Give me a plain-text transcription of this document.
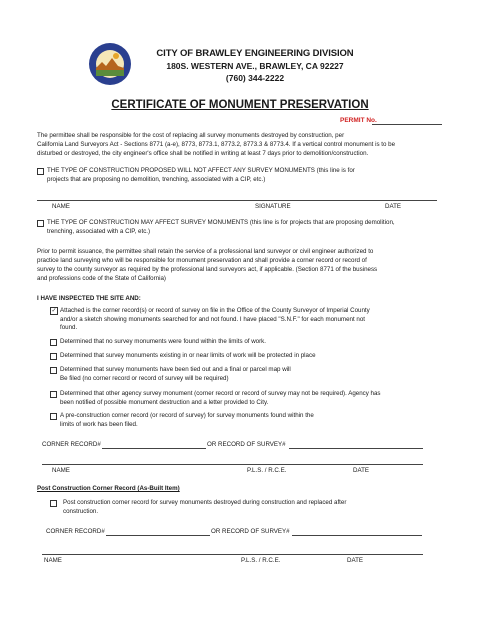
CITY OF BRAWLEY ENGINEERING DIVISION
180S. WESTERN AVE., BRAWLEY, CA 92227
(760) 344-2222
CERTIFICATE OF MONUMENT PRESERVATION
PERMIT No.
The permittee shall be responsible for the cost of replacing all survey monuments destroyed by construction, per
California Land Surveyors Act - Sections 8771 (a-e), 8773, 8773.1, 8773.2, 8773.3 & 8773.4. If a vertical control monument is to be
disturbed or destroyed, the city engineer's office shall be notified in writing at least 7 days prior to demolition/construction.
THE TYPE OF CONSTRUCTION PROPOSED WILL NOT AFFECT ANY SURVEY MONUMENTS (this line is for
projects that are proposing no demolition, trenching, associated with a CIP, etc.)
NAME	SIGNATURE	DATE
THE TYPE OF CONSTRUCTION MAY AFFECT SURVEY MONUMENTS (this line is for projects that are proposing demolition,
trenching, associated with a CIP, etc.)
Prior to permit issuance, the permittee shall retain the service of a professional land surveyor or civil engineer authorized to
practice land surveying who will be responsible for monument preservation and shall provide a corner record or record of
survey to the county surveyor as required by the professional land surveyors act, if applicable. (Section 8771 of the business
and professions code of the State of California)
I HAVE INSPECTED THE SITE AND:
✓ Attached is the corner record(s) or record of survey on file in the Office of the County Surveyor of Imperial County
and/or a sketch showing monuments searched for and not found. I have placed "S.N.F." for each monument not
found.
Determined that no survey monuments were found within the limits of work.
Determined that survey monuments existing in or near limits of work will be protected in place
Determined that survey monuments have been tied out and a final or parcel map will
Be filed (no corner record or record of survey will be required)
Determined that other agency survey monument (corner record or record of survey may not be required). Agency has
been notified of possible monument destruction and a letter provided to City.
A pre-construction corner record (or record of survey) for survey monuments found within the
limits of work has been filed.
CORNER RECORD#	OR RECORD OF SURVEY#
NAME	P.L.S. / R.C.E.	DATE
Post Construction Corner Record (As-Built Item)
Post construction corner record for survey monuments destroyed during construction and replaced after
construction.
CORNER RECORD#	OR RECORD OF SURVEY#
NAME	P.L.S. / R.C.E.	DATE
